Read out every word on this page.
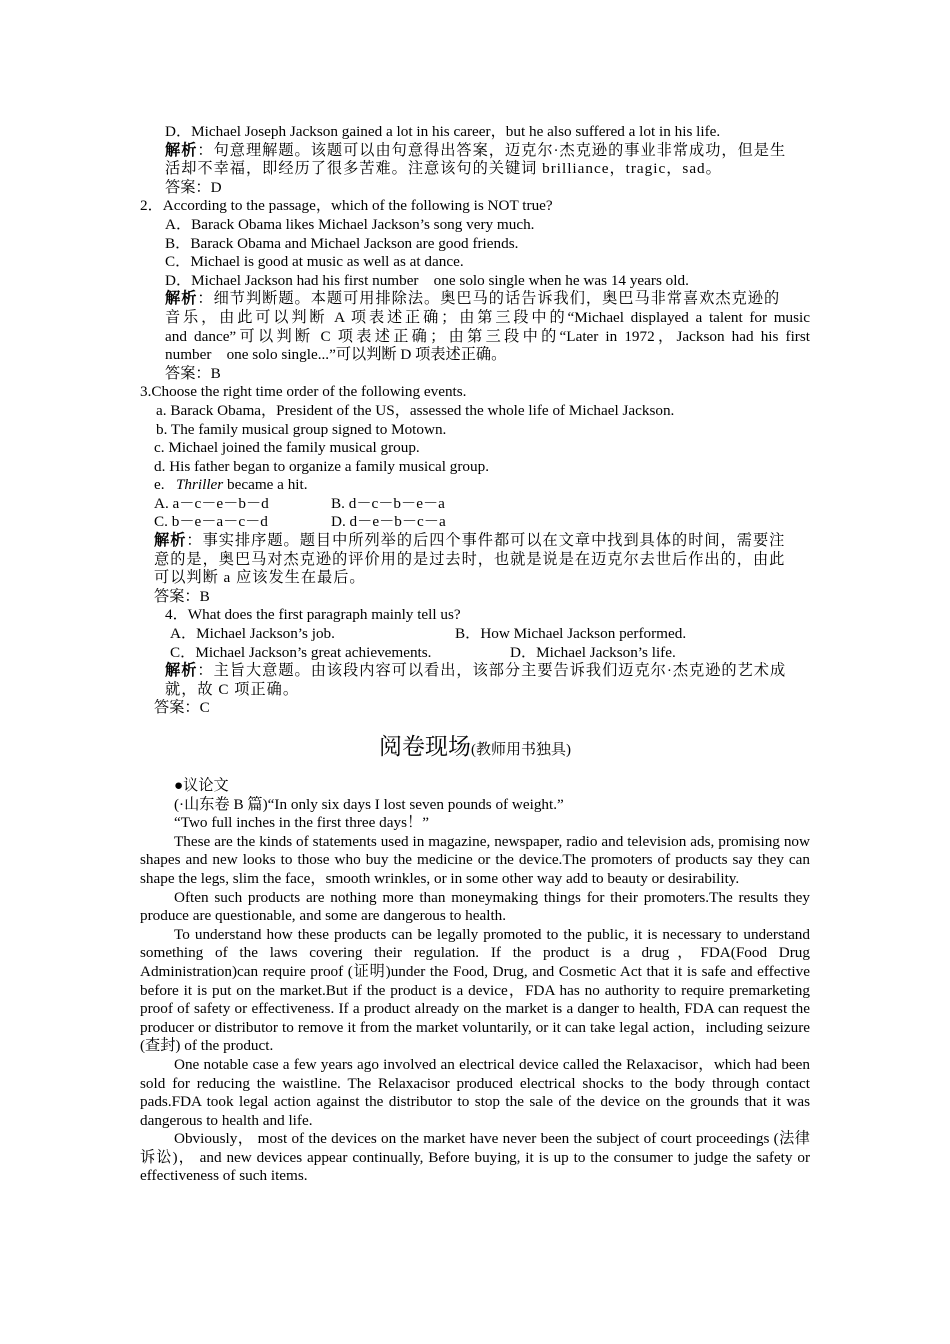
D．Michael Joseph Jackson gained a lot in his career，but he also suffered a lot in his life.
解析：句意理解题。该题可以由句意得出答案，迈克尔·杰克逊的事业非常成功，但是生
活却不幸福，即经历了很多苦难。注意该句的关键词 brilliance，tragic，sad。
答案：D
2．According to the passage，which of the following is NOT true?
A．Barack Obama likes Michael Jackson’s song very much.
B．Barack Obama and Michael Jackson are good friends.
C．Michael is good at music as well as at dance.
D．Michael Jackson had his first number　one solo single when he was 14 years old.
解析：细节判断题。本题可用排除法。奥巴马的话告诉我们，奥巴马非常喜欢杰克逊的
音乐，由此可以判断 A 项表述正确；由第三段中的“Michael displayed a talent for music
and dance”可以判断 C 项表述正确；由第三段中的“Later in 1972，Jackson had his first
number　one solo single...”可以判断 D 项表述正确。
答案：B
3.Choose the right time order of the following events.
a. Barack Obama，President of the US，assessed the whole life of Michael Jackson.
b. The family musical group signed to Motown.
c. Michael joined the family musical group.
d. His father began to organize a family musical group.
e.   Thriller became a hit.
A. a－c－e－b－d	B. d－c－b－e－a
C. b－e－a－c－d	D. d－e－b－c－a
解析：事实排序题。题目中所列举的后四个事件都可以在文章中找到具体的时间，需要注
意的是，奥巴马对杰克逊的评价用的是过去时，也就是说是在迈克尔去世后作出的，由此
可以判断 a 应该发生在最后。
答案：B
4．What does the first paragraph mainly tell us?
A．Michael Jackson’s job.	B．How Michael Jackson performed.
C．Michael Jackson’s great achievements.	D．Michael Jackson’s life.
解析：主旨大意题。由该段内容可以看出，该部分主要告诉我们迈克尔·杰克逊的艺术成
就，故 C 项正确。
答案：C
阅卷现场(教师用书独具)
●议论文
(·山东卷 B 篇)“In only six days I lost seven pounds of weight.”
“Two full inches in the first three days！”
These are the kinds of statements used in magazine, newspaper, radio and television ads, promising now shapes and new looks to those who buy the medicine or the device.The promoters of products say they can shape the legs, slim the face，smooth wrinkles, or in some other way add to beauty or desirability.
Often such products are nothing more than moneymaking things for their promoters.The results they produce are questionable, and some are dangerous to health.
To understand how these products can be legally promoted to the public, it is necessary to understand something of the laws covering their regulation. If the product is a drug，FDA(Food Drug Administration)can require proof (证明)under the Food, Drug, and Cosmetic Act that it is safe and effective before it is put on the market.But if the product is a device，FDA has no authority to require premarketing proof of safety or effectiveness. If a product already on the market is a danger to health, FDA can request the producer or distributor to remove it from the market voluntarily, or it can take legal action，including seizure (查封) of the product.
One notable case a few years ago involved an electrical device called the Relaxacisor，which had been sold for reducing the waistline. The Relaxacisor produced electrical shocks to the body through contact pads.FDA took legal action against the distributor to stop the sale of the device on the grounds that it was dangerous to health and life.
Obviously， most of the devices on the market have never been the subject of court proceedings (法律诉讼)， and new devices appear continually, Before buying, it is up to the consumer to judge the safety or effectiveness of such items.
